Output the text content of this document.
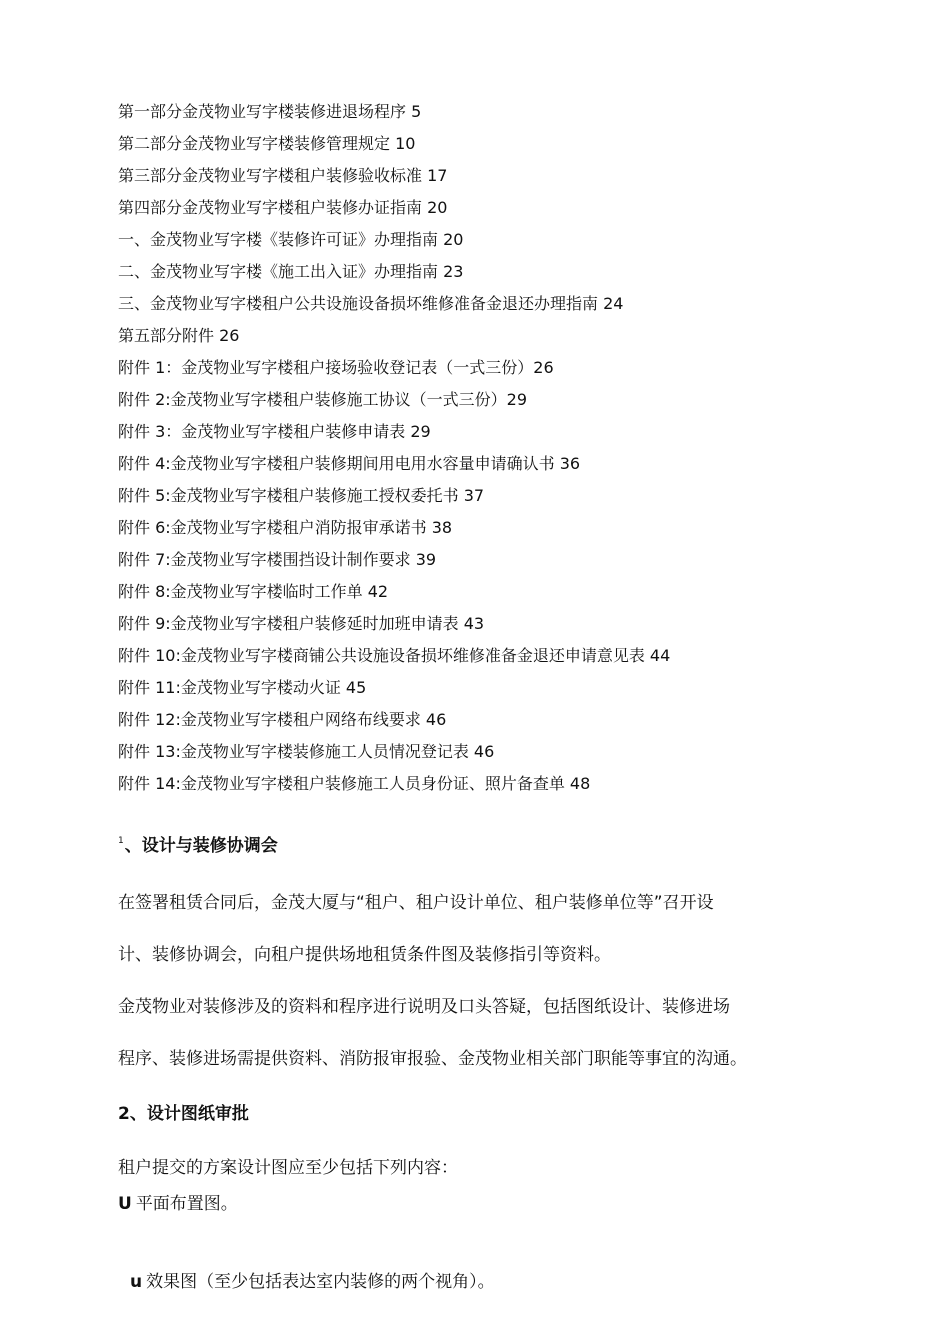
第一部分金茂物业写字楼装修进退场程序 5
第二部分金茂物业写字楼装修管理规定 10
第三部分金茂物业写字楼租户装修验收标准 17
第四部分金茂物业写字楼租户装修办证指南 20
一、金茂物业写字楼《装修许可证》办理指南 20
二、金茂物业写字楼《施工出入证》办理指南 23
三、金茂物业写字楼租户公共设施设备损坏维修准备金退还办理指南 24
第五部分附件 26
附件 1：金茂物业写字楼租户接场验收登记表（一式三份）26
附件 2:金茂物业写字楼租户装修施工协议（一式三份）29
附件 3：金茂物业写字楼租户装修申请表 29
附件 4:金茂物业写字楼租户装修期间用电用水容量申请确认书 36
附件 5:金茂物业写字楼租户装修施工授权委托书 37
附件 6:金茂物业写字楼租户消防报审承诺书 38
附件 7:金茂物业写字楼围挡设计制作要求 39
附件 8:金茂物业写字楼临时工作单 42
附件 9:金茂物业写字楼租户装修延时加班申请表 43
附件 10:金茂物业写字楼商铺公共设施设备损坏维修准备金退还申请意见表 44
附件 11:金茂物业写字楼动火证 45
附件 12:金茂物业写字楼租户网络布线要求 46
附件 13:金茂物业写字楼装修施工人员情况登记表 46
附件 14:金茂物业写字楼租户装修施工人员身份证、照片备查单 48
$^1$、设计与装修协调会

在签署租赁合同后，金茂大厦与“租户、租户设计单位、租户装修单位等”召开设

计、装修协调会，向租户提供场地租赁条件图及装修指引等资料。

金茂物业对装修涉及的资料和程序进行说明及口头答疑，包括图纸设计、装修进场

程序、装修进场需提供资料、消防报审报验、金茂物业相关部门职能等事宜的沟通。

2、设计图纸审批
租户提交的方案设计图应至少包括下列内容：
U 平面布置图。
u 效果图（至少包括表达室内装修的两个视角）。
